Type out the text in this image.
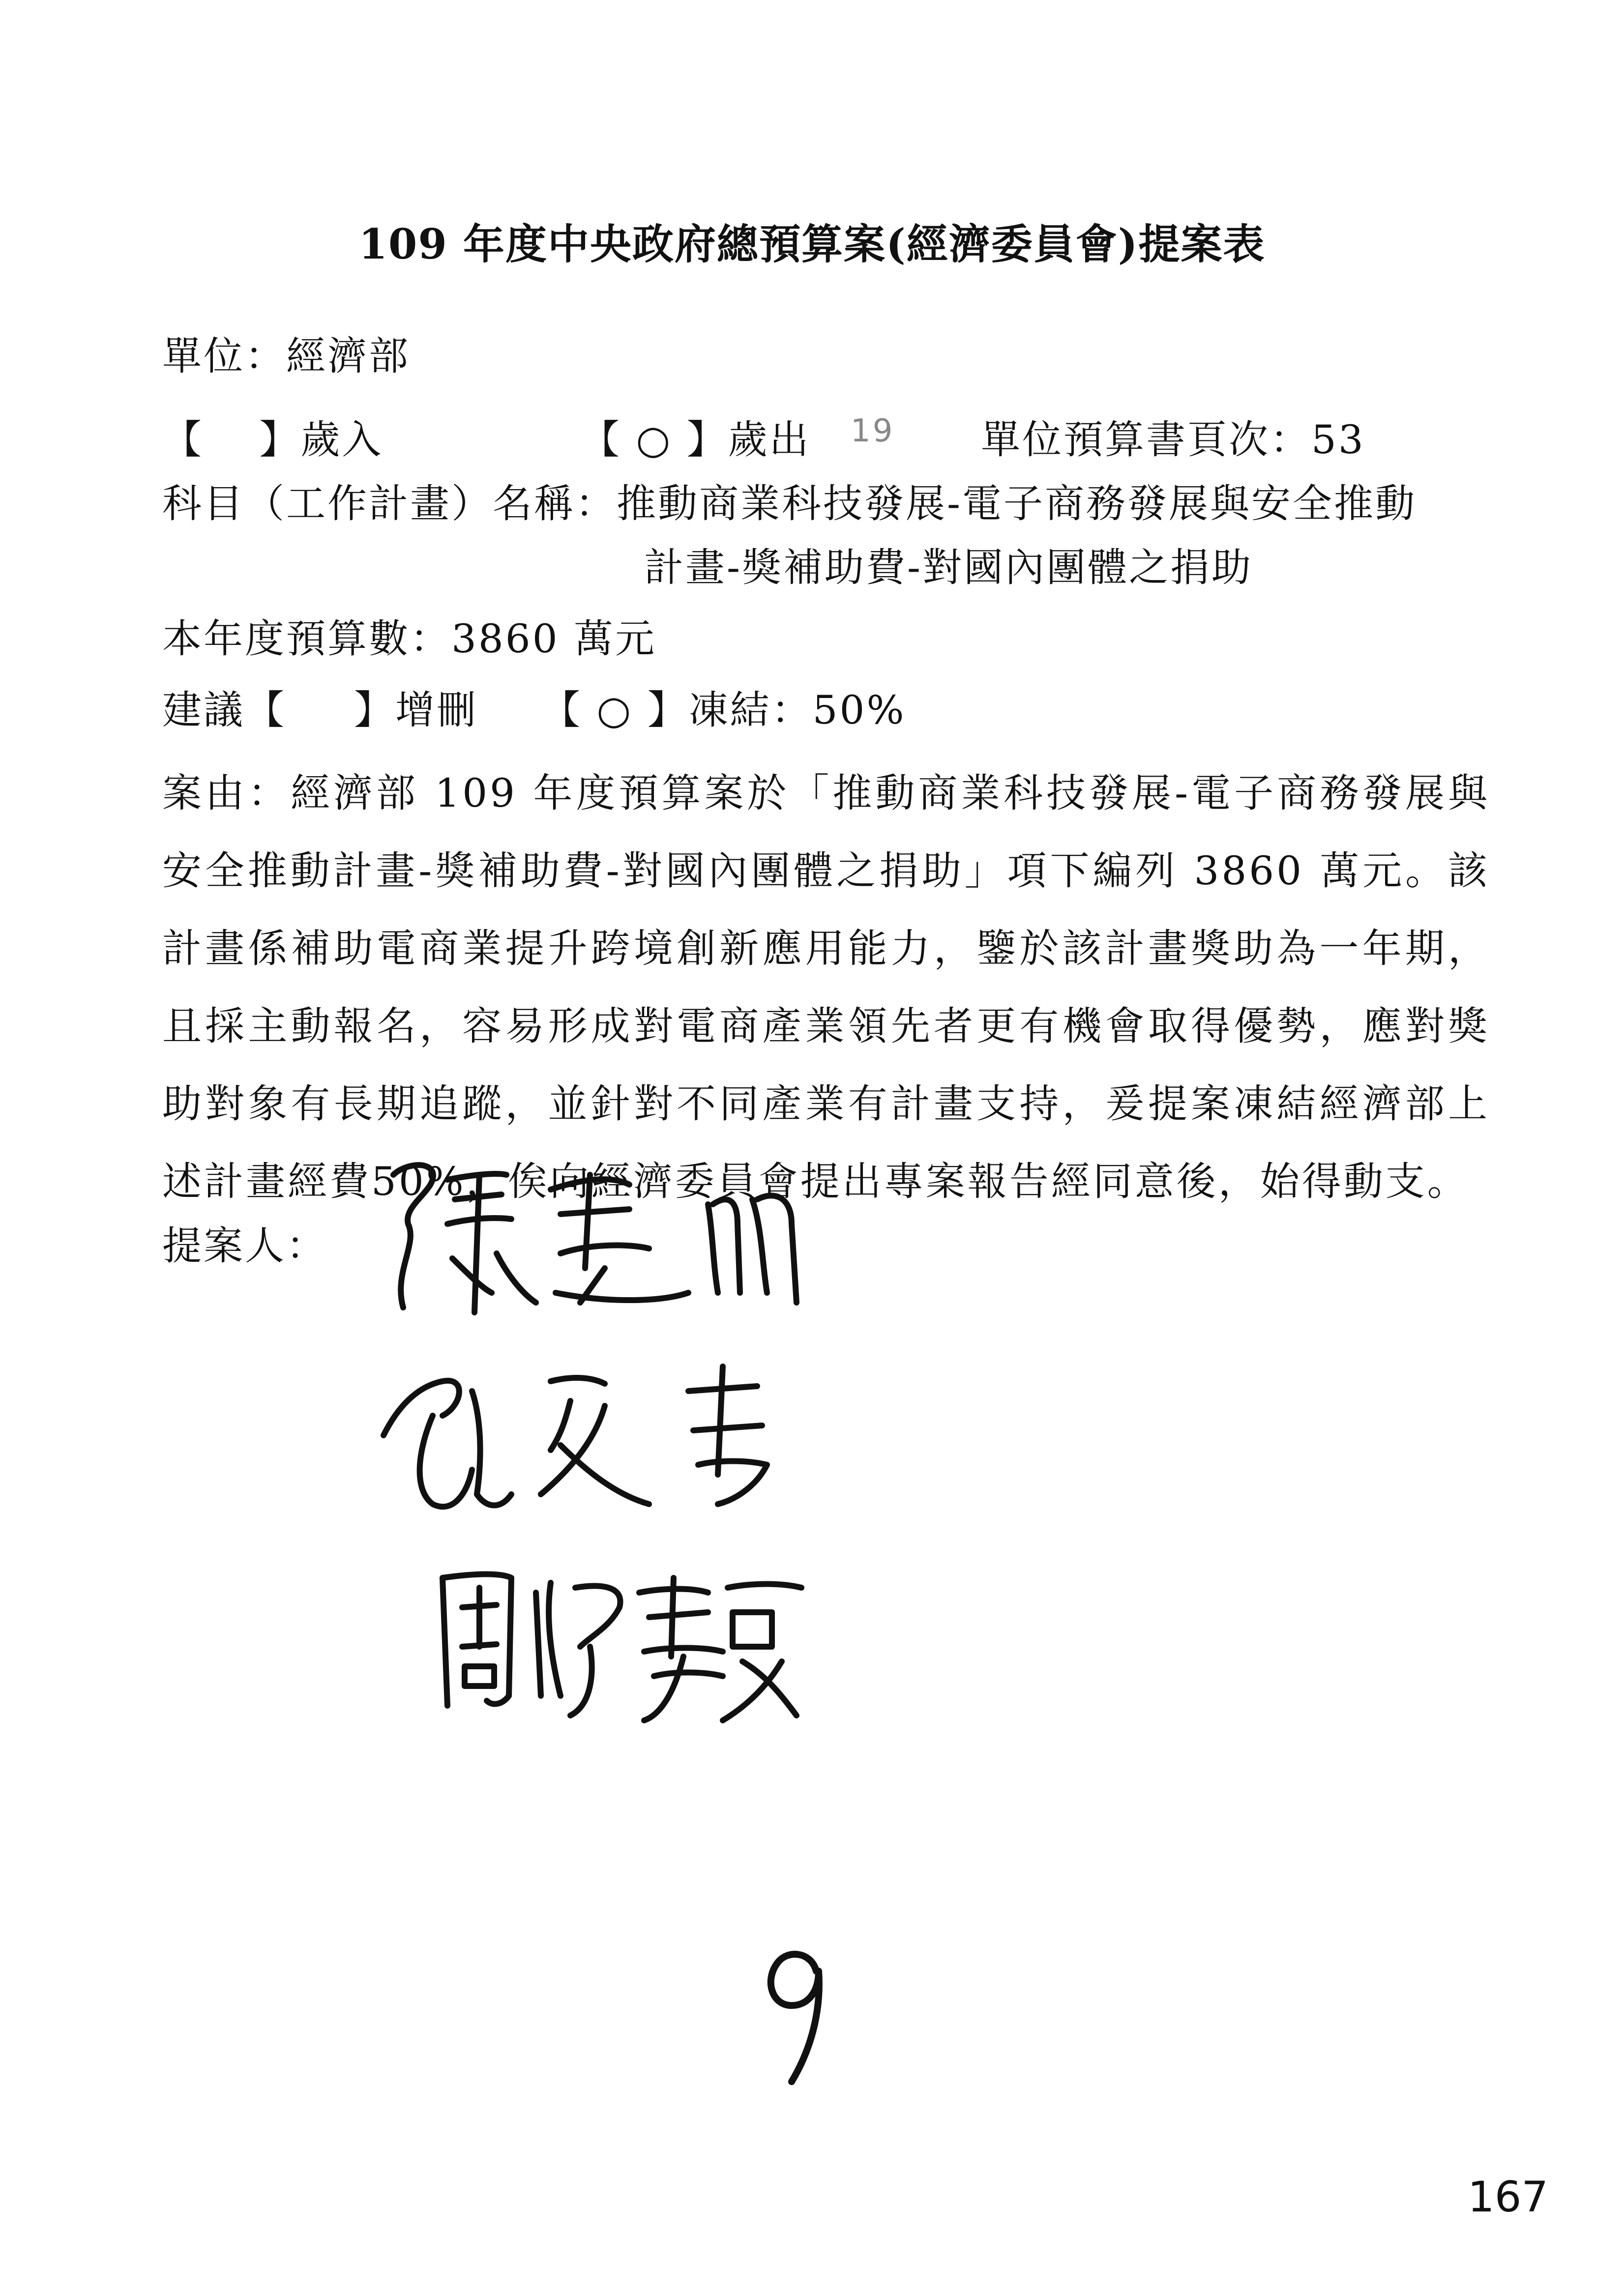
109 年度中央政府總預算案(經濟委員會)提案表
單位：經濟部
【　 】歲入	【 ○ 】歲出 19 單位預算書頁次：53
科目（工作計畫）名稱：推動商業科技發展-電子商務發展與安全推動
計畫-獎補助費-對國內團體之捐助
本年度預算數：3860 萬元
建議【 】增刪 【 ○ 】凍結：50%
案由：經濟部 109 年度預算案於「推動商業科技發展-電子商務發展與安全推動計畫-獎補助費-對國內團體之捐助」項下編列 3860 萬元。該計畫係補助電商業提升跨境創新應用能力，鑒於該計畫獎助為一年期，且採主動報名，容易形成對電商產業領先者更有機會取得優勢，應對獎助對象有長期追蹤，並針對不同產業有計畫支持，爰提案凍結經濟部上述計畫經費50%，俟向經濟委員會提出專案報告經同意後，始得動支。
提案人：
167
